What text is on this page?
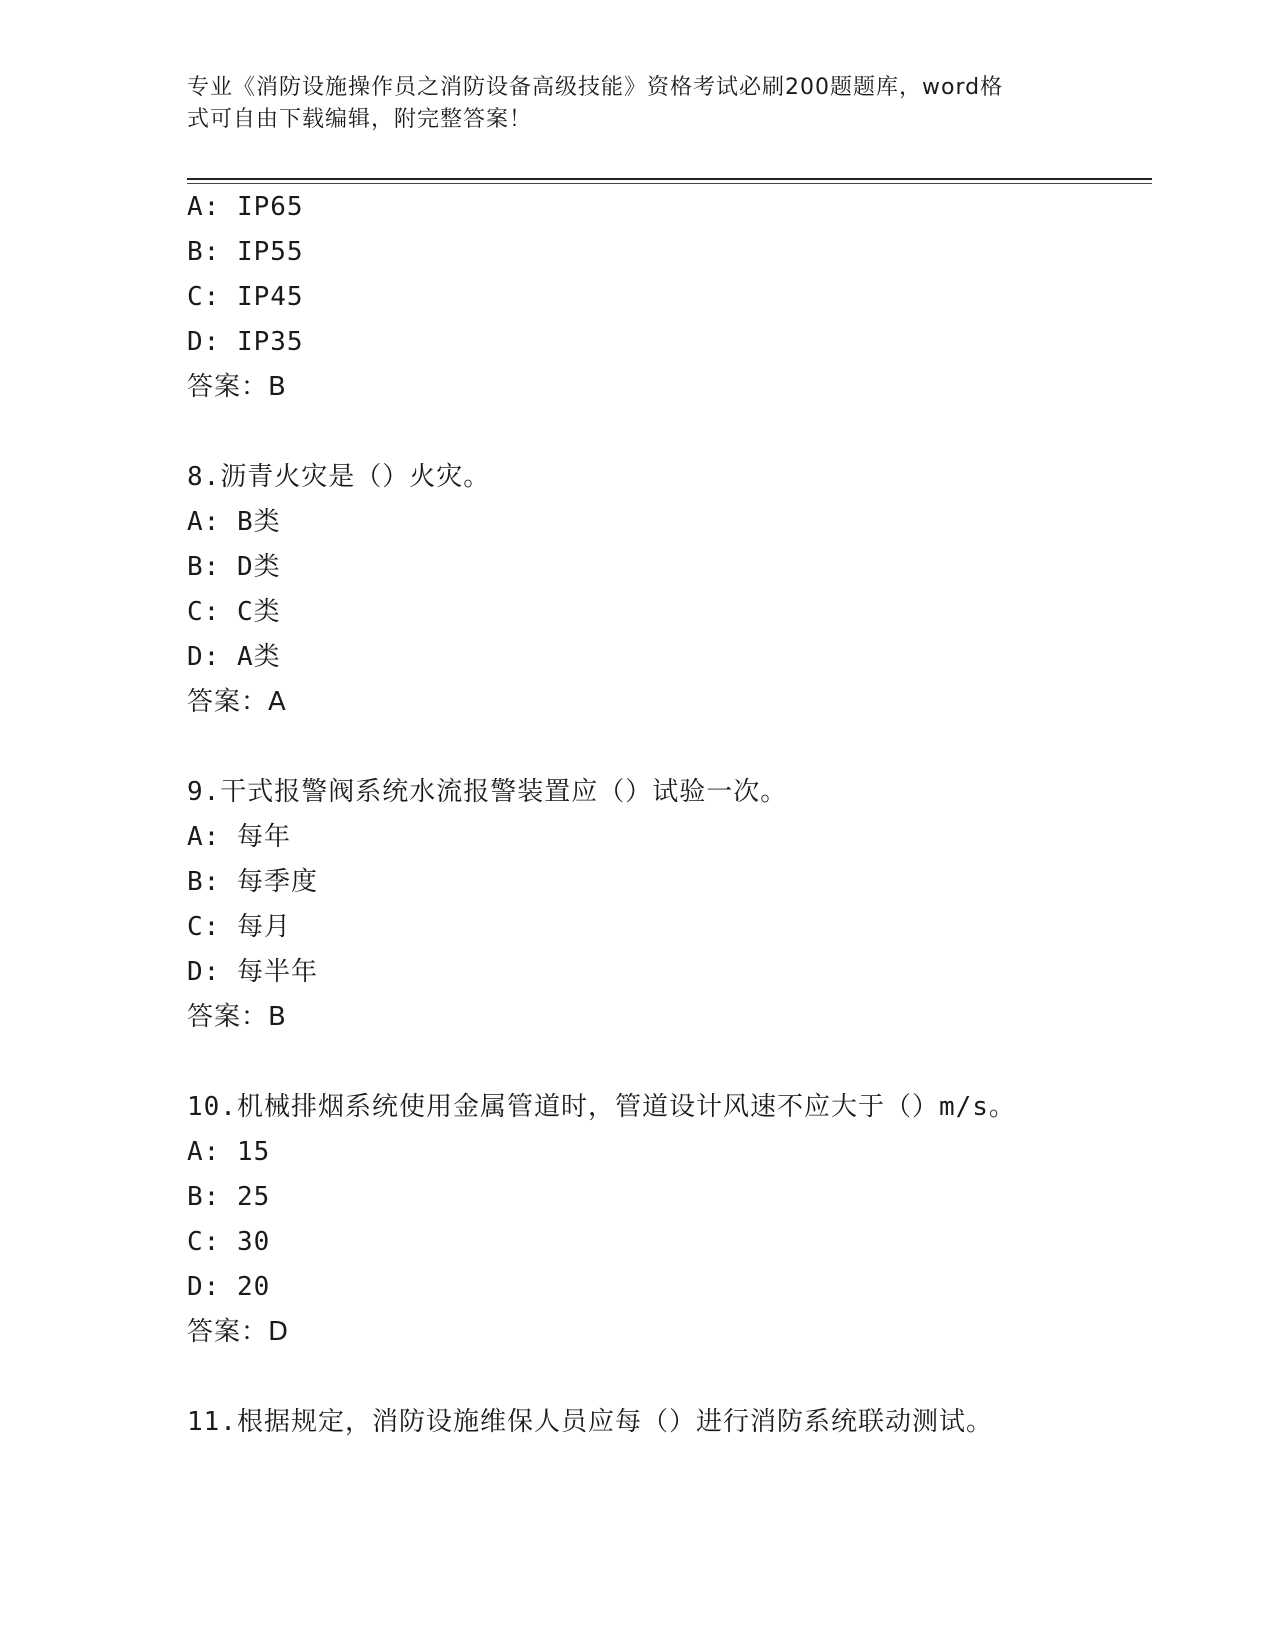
专业《消防设施操作员之消防设备高级技能》资格考试必刷200题题库，word格
式可自由下载编辑，附完整答案！
A: IP65
B: IP55
C: IP45
D: IP35
答案：B
8.沥青火灾是（）火灾。
A: B类
B: D类
C: C类
D: A类
答案：A
9.干式报警阀系统水流报警装置应（）试验一次。
A: 每年
B: 每季度
C: 每月
D: 每半年
答案：B
10.机械排烟系统使用金属管道时，管道设计风速不应大于（）m/s。
A: 15
B: 25
C: 30
D: 20
答案：D
11.根据规定，消防设施维保人员应每（）进行消防系统联动测试。
